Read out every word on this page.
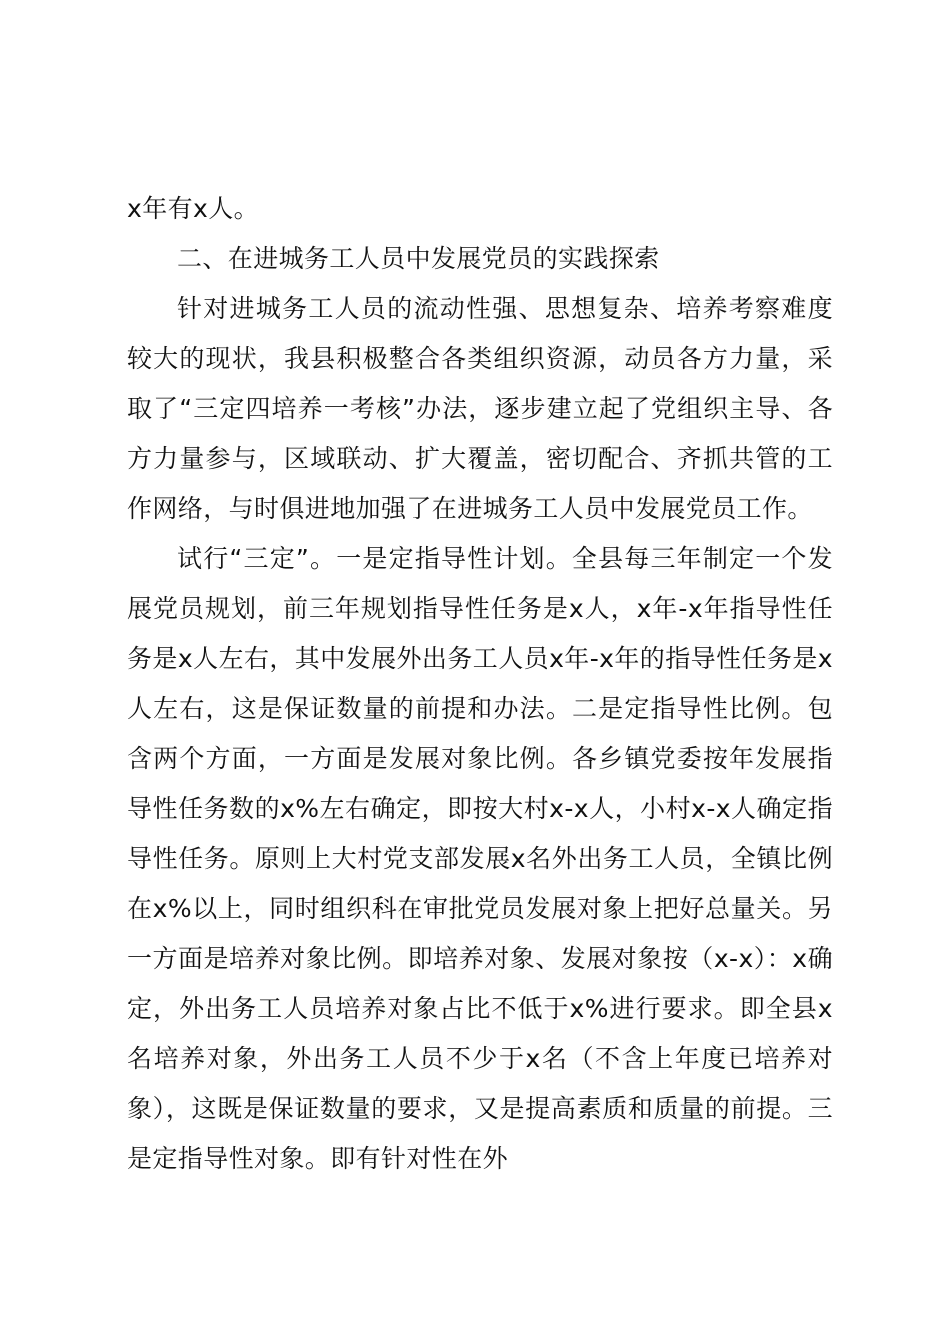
x年有x人。

二、在进城务工人员中发展党员的实践探索

针对进城务工人员的流动性强、思想复杂、培养考察难度较大的现状，我县积极整合各类组织资源，动员各方力量，采取了“三定四培养一考核”办法，逐步建立起了党组织主导、各方力量参与，区域联动、扩大覆盖，密切配合、齐抓共管的工作网络，与时俱进地加强了在进城务工人员中发展党员工作。

试行“三定”。一是定指导性计划。全县每三年制定一个发展党员规划，前三年规划指导性任务是x人，x年-x年指导性任务是x人左右，其中发展外出务工人员x年-x年的指导性任务是x人左右，这是保证数量的前提和办法。二是定指导性比例。包含两个方面，一方面是发展对象比例。各乡镇党委按年发展指导性任务数的x%左右确定，即按大村x-x人，小村x-x人确定指导性任务。原则上大村党支部发展x名外出务工人员，全镇比例在x%以上，同时组织科在审批党员发展对象上把好总量关。另一方面是培养对象比例。即培养对象、发展对象按（x-x）：x确定，外出务工人员培养对象占比不低于x%进行要求。即全县x名培养对象，外出务工人员不少于x名（不含上年度已培养对象），这既是保证数量的要求，又是提高素质和质量的前提。三是定指导性对象。即有针对性在外
